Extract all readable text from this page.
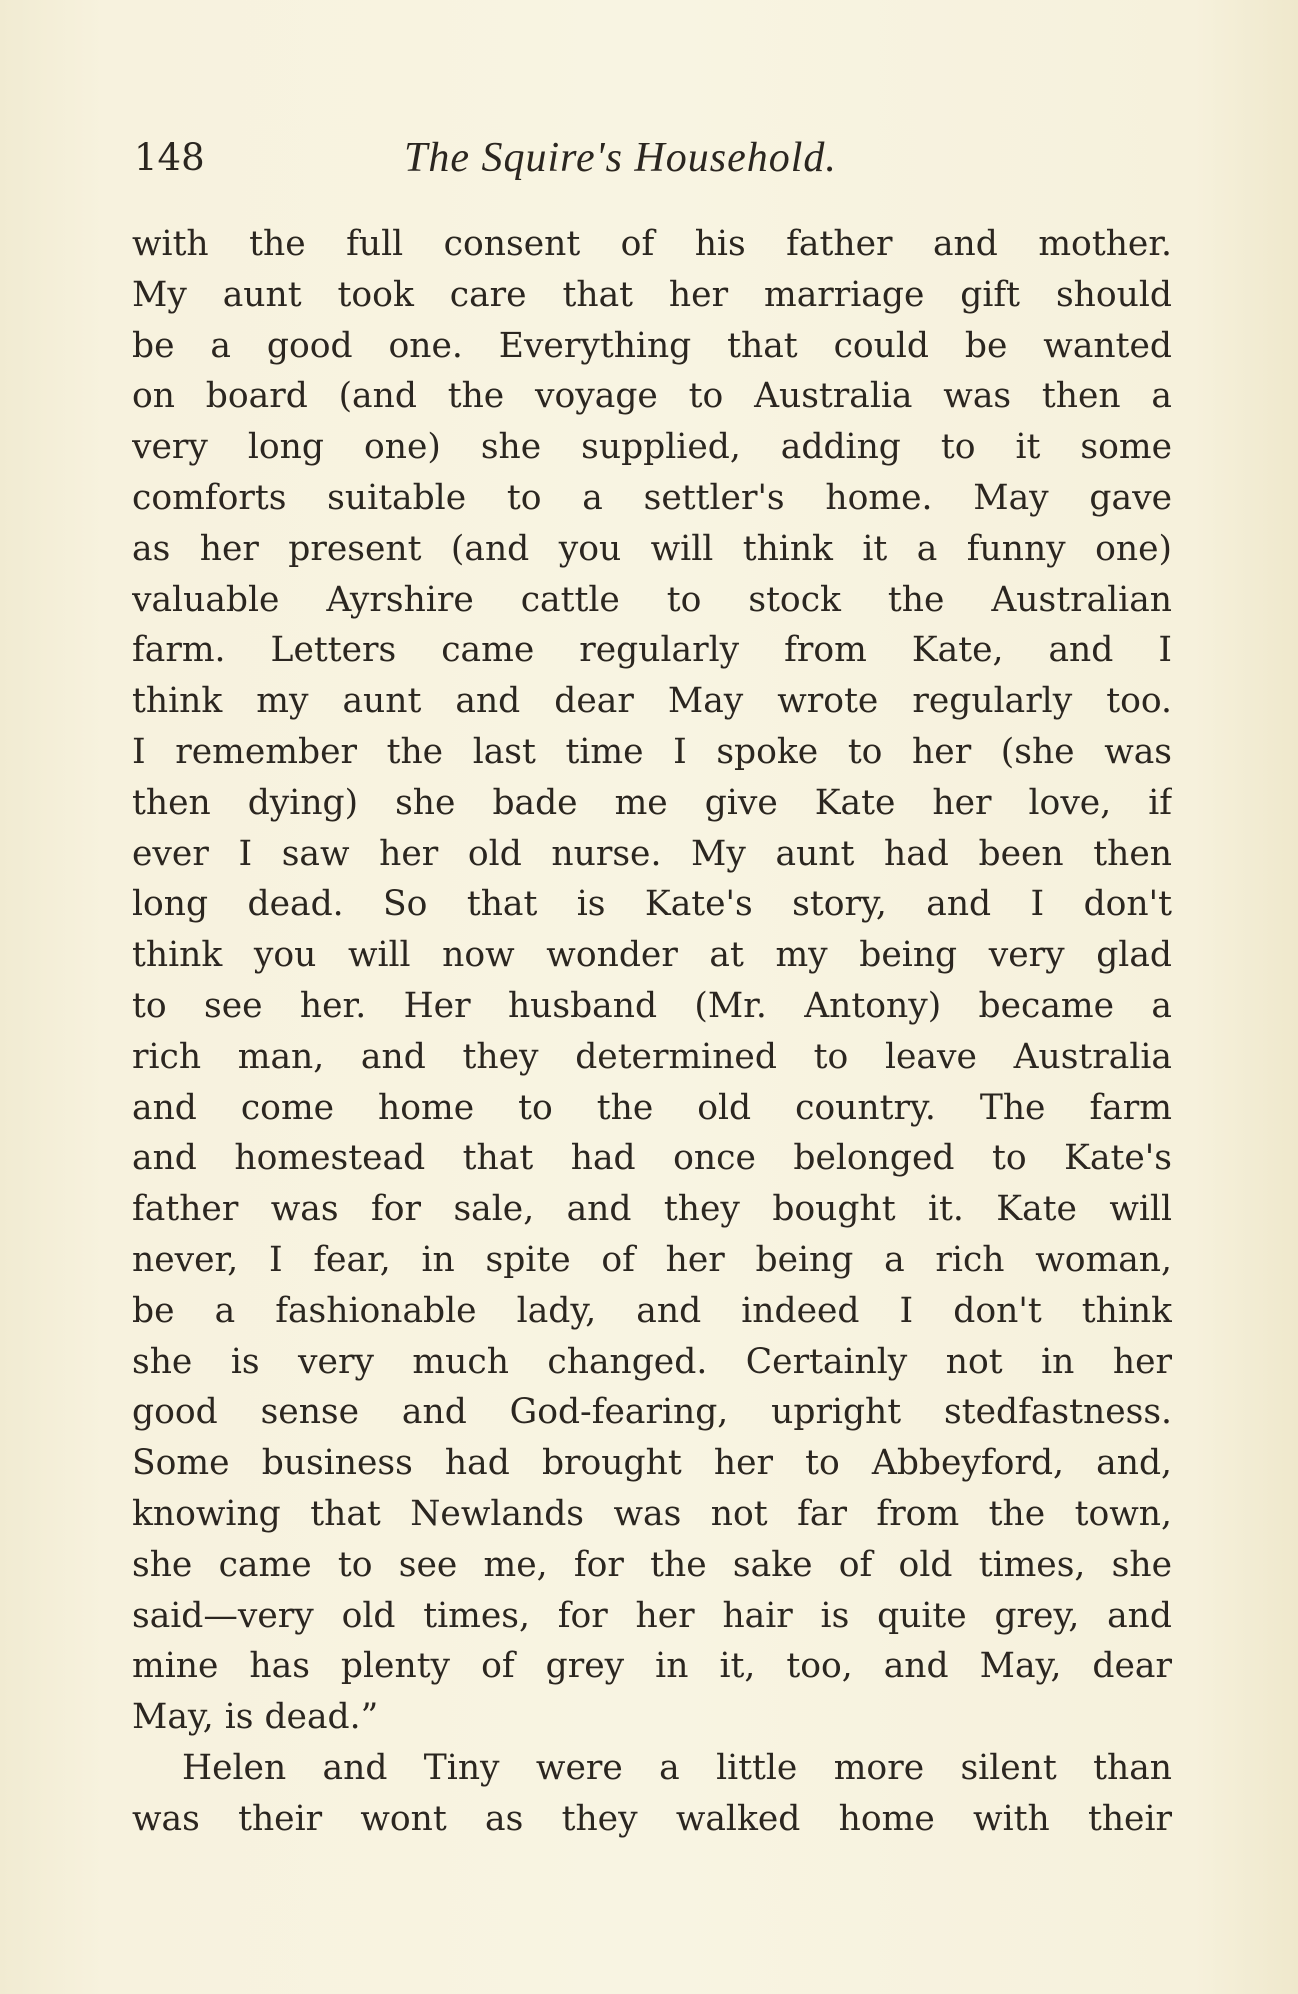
148	The Squire's Household.
with the full consent of his father and mother.
My aunt took care that her marriage gift should
be a good one. Everything that could be wanted
on board (and the voyage to Australia was then a
very long one) she supplied, adding to it some
comforts suitable to a settler's home. May gave
as her present (and you will think it a funny one)
valuable Ayrshire cattle to stock the Australian
farm. Letters came regularly from Kate, and I
think my aunt and dear May wrote regularly too.
I remember the last time I spoke to her (she was
then dying) she bade me give Kate her love, if
ever I saw her old nurse. My aunt had been then
long dead. So that is Kate's story, and I don't
think you will now wonder at my being very glad
to see her. Her husband (Mr. Antony) became a
rich man, and they determined to leave Australia
and come home to the old country. The farm
and homestead that had once belonged to Kate's
father was for sale, and they bought it. Kate will
never, I fear, in spite of her being a rich woman,
be a fashionable lady, and indeed I don't think
she is very much changed. Certainly not in her
good sense and God-fearing, upright stedfastness.
Some business had brought her to Abbeyford, and,
knowing that Newlands was not far from the town,
she came to see me, for the sake of old times, she
said—very old times, for her hair is quite grey, and
mine has plenty of grey in it, too, and May, dear
May, is dead.”
Helen and Tiny were a little more silent than
was their wont as they walked home with their
